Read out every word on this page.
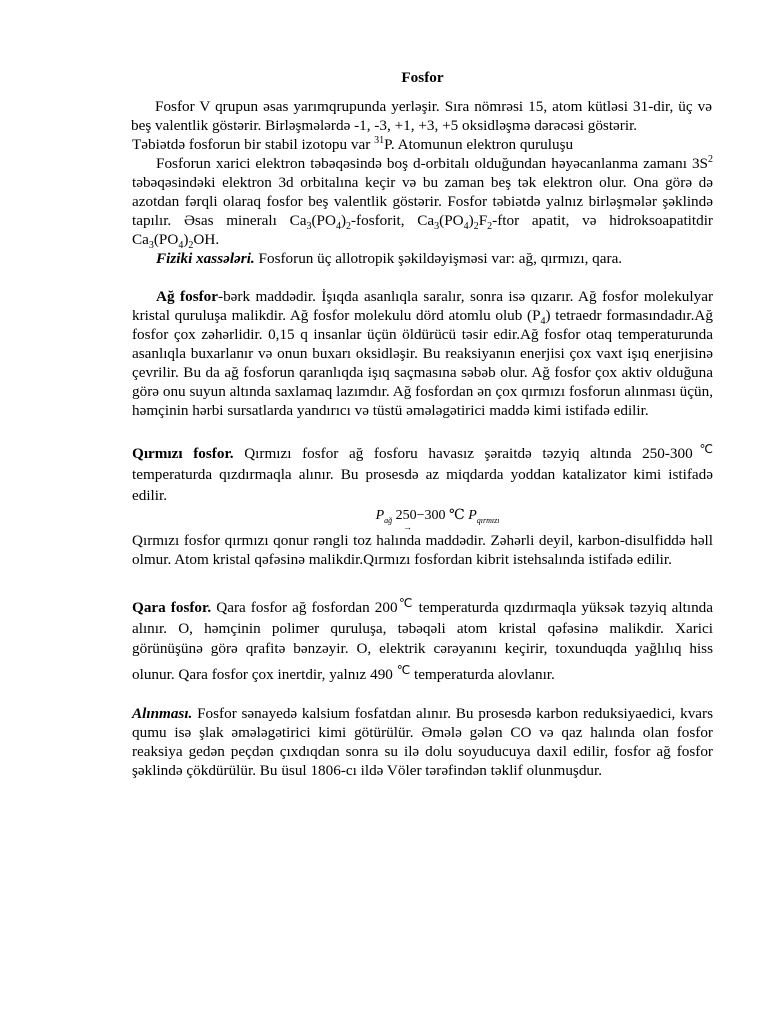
Fosfor

Fosfor V qrupun əsas yarımqrupunda yerləşir. Sıra nömrəsi 15, atom kütləsi 31-dir, üç və beş valentlik göstərir. Birləşmələrdə -1, -3, +1, +3, +5 oksidləşmə dərəcəsi göstərir.

Təbiətdə fosforun bir stabil izotopu var $^{31}$P. Atomunun elektron quruluşu

Fosforun xarici elektron təbəqəsində boş d-orbitalı olduğundan həyəcanlanma zamanı $3S^2$ təbəqəsindəki elektron 3d orbitalına keçir və bu zaman beş tək elektron olur. Ona görə də azotdan fərqli olaraq fosfor beş valentlik göstərir. Fosfor təbiətdə yalnız birləşmələr şəklində tapılır. Əsas mineralı $Ca_3(PO_4)_2$-fosforit, $Ca_3(PO_4)_2F_2$-ftor apatit, və hidroksoapatitdir $Ca_3(PO_4)_2OH$.

Fiziki xassələri. Fosforun üç allotropik şəkildəyişməsi var: ağ, qırmızı, qara.

Ağ fosfor-bərk maddədir. İşıqda asanlıqla saralır, sonra isə qızarır. Ağ fosfor molekulyar kristal quruluşa malikdir. Ağ fosfor molekulu dörd atomlu olub $(P_4)$ tetraedr formasındadır.Ağ fosfor çox zəhərlidir. 0,15 q insanlar üçün öldürücü təsir edir.Ağ fosfor otaq temperaturunda asanlıqla buxarlanır və onun buxarı oksidləşir. Bu reaksiyanın enerjisi çox vaxt işıq enerjisinə çevrilir. Bu da ağ fosforun qaranlıqda işıq saçmasına səbəb olur. Ağ fosfor çox aktiv olduğuna görə onu suyun altında saxlamaq lazımdır. Ağ fosfordan ən çox qırmızı fosforun alınması üçün, həmçinin hərbi sursatlarda yandırıcı və tüstü əmələgətirici maddə kimi istifadə edilir.

Qırmızı fosfor. Qırmızı fosfor ağ fosforu havasız şəraitdə təzyiq altında 250-300℃ temperaturda qızdırmaqla alınır. Bu prosesdə az miqdarda yoddan katalizator kimi istifadə edilir.

$P_{ağ}$ 250−300 ℃ $P_{qırmızı}$
→

Qırmızı fosfor qırmızı qonur rəngli toz halında maddədir. Zəhərli deyil, karbon-disulfiddə həll olmur. Atom kristal qəfəsinə malikdir.Qırmızı fosfordan kibrit istehsalında istifadə edilir.

Qara fosfor. Qara fosfor ağ fosfordan 200℃ temperaturda qızdırmaqla yüksək təzyiq altında alınır. O, həmçinin polimer quruluşa, təbəqəli atom kristal qəfəsinə malikdir. Xarici görünüşünə görə qrafitə bənzəyir. O, elektrik cərəyanını keçirir, toxunduqda yağlılıq hiss olunur. Qara fosfor çox inertdir, yalnız 490 ℃ temperaturda alovlanır.

Alınması. Fosfor sənayedə kalsium fosfatdan alınır. Bu prosesdə karbon reduksiyaedici, kvars qumu isə şlak əmələgətirici kimi götürülür. Əmələ gələn CO və qaz halında olan fosfor reaksiya gedən peçdən çıxdıqdan sonra su ilə dolu soyuducuya daxil edilir, fosfor ağ fosfor şəklində çökdürülür. Bu üsul 1806-cı ildə Völer tərəfindən təklif olunmuşdur.
